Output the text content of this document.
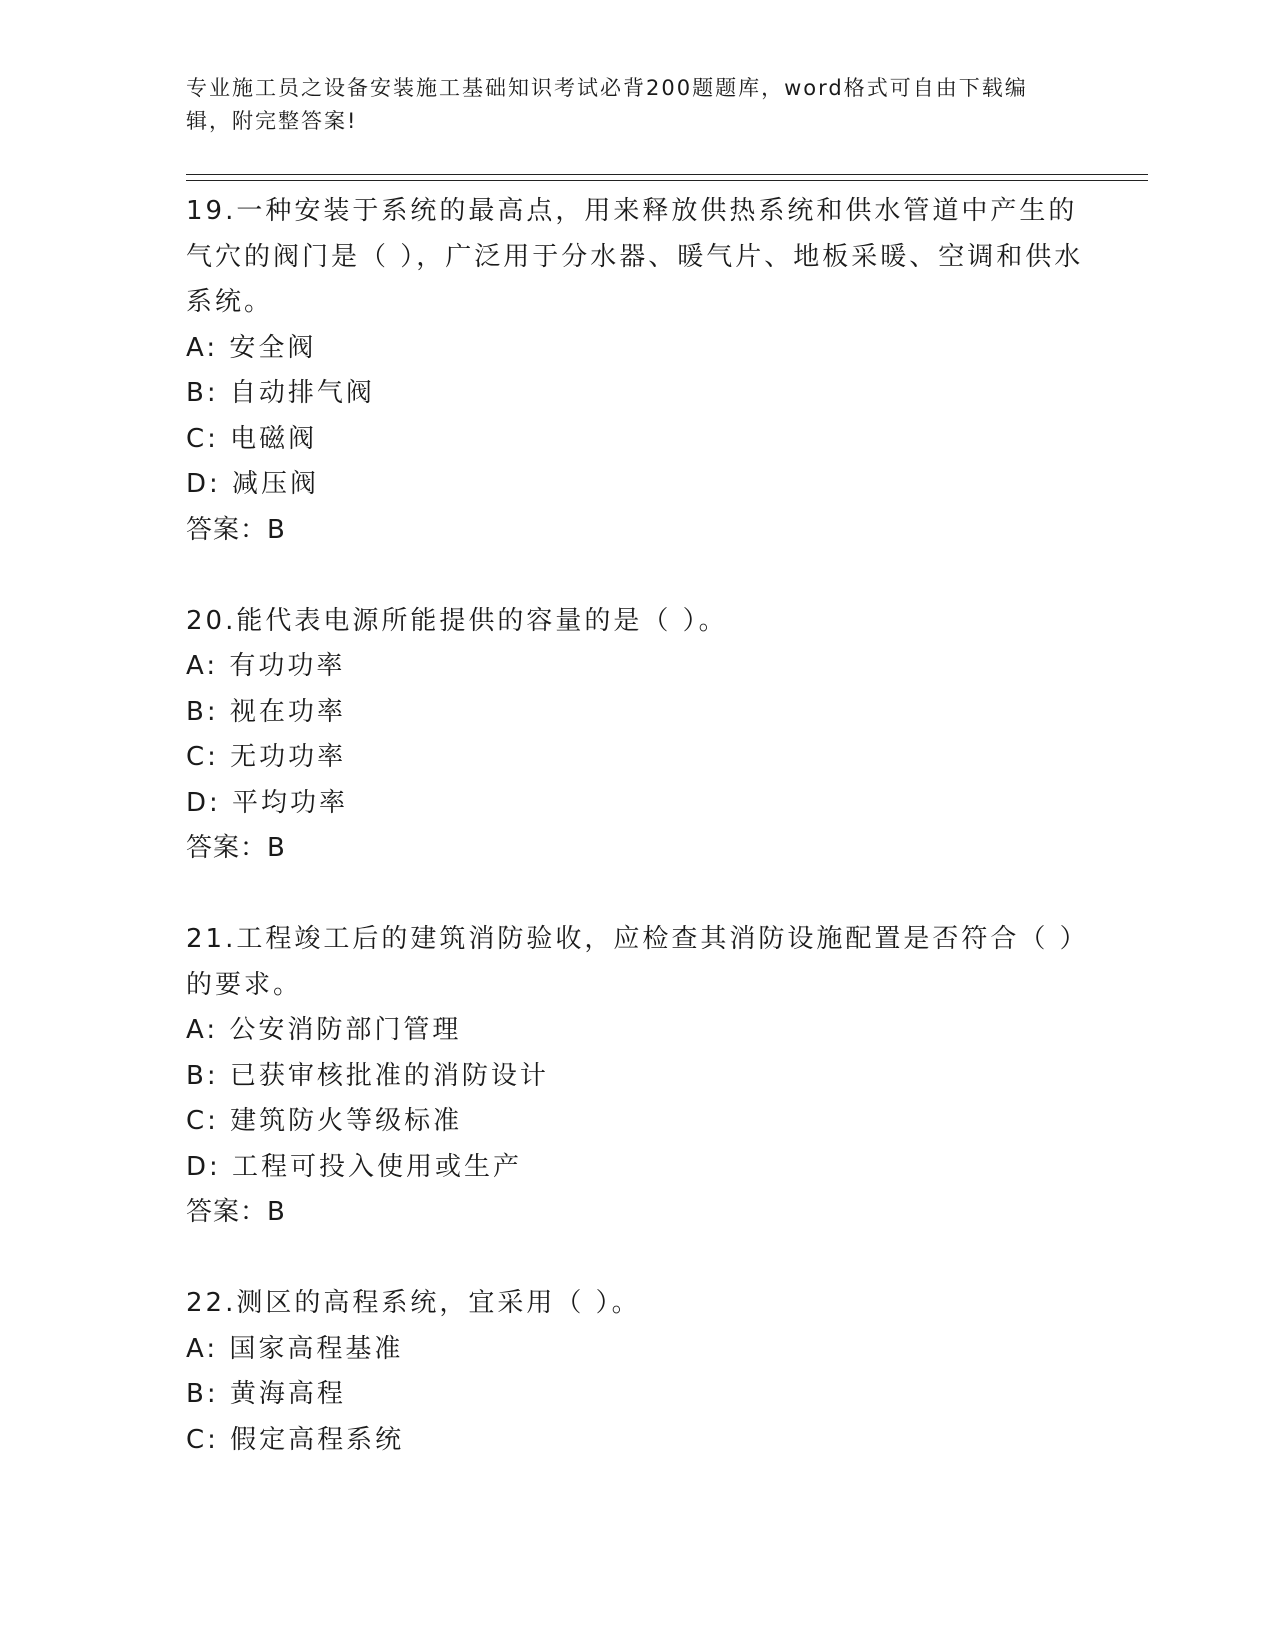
专业施工员之设备安装施工基础知识考试必背200题题库，word格式可自由下载编辑，附完整答案!

19.一种安装于系统的最高点，用来释放供热系统和供水管道中产生的气穴的阀门是（ ），广泛用于分水器、暖气片、地板采暖、空调和供水系统。

A: 安全阀

B: 自动排气阀

C: 电磁阀

D: 减压阀

答案：B

20.能代表电源所能提供的容量的是（ ）。

A: 有功功率

B: 视在功率

C: 无功功率

D: 平均功率

答案：B

21.工程竣工后的建筑消防验收，应检查其消防设施配置是否符合（ ）的要求。

A: 公安消防部门管理

B: 已获审核批准的消防设计

C: 建筑防火等级标准

D: 工程可投入使用或生产

答案：B

22.测区的高程系统，宜采用（ ）。

A: 国家高程基准

B: 黄海高程

C: 假定高程系统
